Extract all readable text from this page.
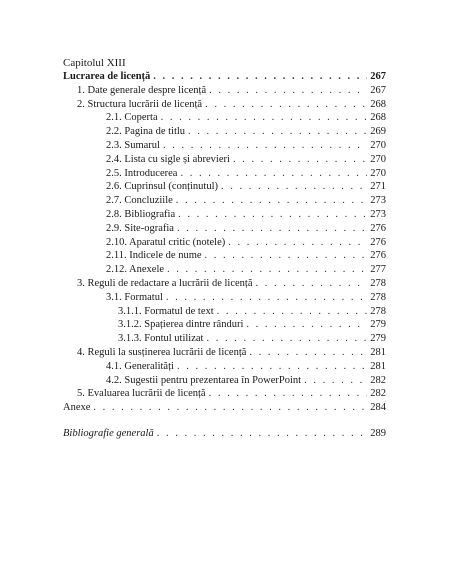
Capitolul XIII
Lucrarea de licență . . .	267
1. Date generale despre licență . . .	267
2. Structura lucrării de licență . . .	268
2.1. Coperta . . .	268
2.2. Pagina de titlu . . .	269
2.3. Sumarul . . .	270
2.4. Lista cu sigle și abrevieri . . .	270
2.5. Introducerea . . .	270
2.6. Cuprinsul (conținutul) . . .	271
2.7. Concluziile . . .	273
2.8. Bibliografia . . .	273
2.9. Site-ografia . . .	276
2.10. Aparatul critic (notele) . . .	276
2.11. Indicele de nume . . .	276
2.12. Anexele . . .	277
3. Reguli de redactare a lucrării de licență . . .	278
3.1. Formatul . . .	278
3.1.1. Formatul de text . . .	278
3.1.2. Spațierea dintre rânduri . . .	279
3.1.3. Fontul utilizat . . .	279
4. Reguli la susținerea lucrării de licență . . .	281
4.1. Generalități . . .	281
4.2. Sugestii pentru prezentarea în PowerPoint . . .	282
5. Evaluarea lucrării de licență . . .	282
Anexe . . .	284
Bibliografie generală . . .	289
